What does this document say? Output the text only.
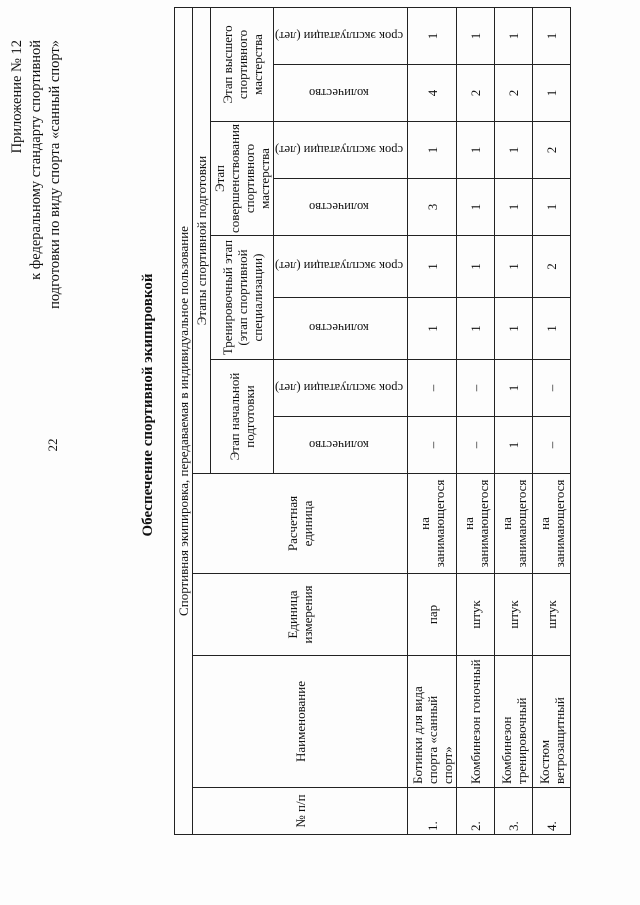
22
Приложение № 12 к федеральному стандарту спортивной подготовки по виду спорта «санный спорт»
Обеспечение спортивной экипировкой Спортивная экипировка, передаваемая в индивидуальное пользование											
№ п/п	Наименование	Единица измерения	Расчетная единица	Этапы спортивной подготовки							
				Этап начальной подготовки		Тренировочный этап (этап спортивной специализации)		Этап совершенствования спортивного мастерства		Этап высшего спортивного мастерства	
				количество	срок эксплуатации (лет)	количество	срок эксплуатации (лет)	количество	срок эксплуатации (лет)	количество	срок эксплуатации (лет)

1.	Ботинки для вида спорта «санный спорт»	пар	на занимающегося	–	–	1	1	3	1	4	1
2.	Комбинезон гоночный	штук	на занимающегося	–	–	1	1	1	1	2	1
3.	Комбинезон тренировочный	штук	на занимающегося	1	1	1	1	1	1	2	1
4.	Костюм ветрозащитный	штук	на занимающегося	–	–	1	2	1	2	1	1
